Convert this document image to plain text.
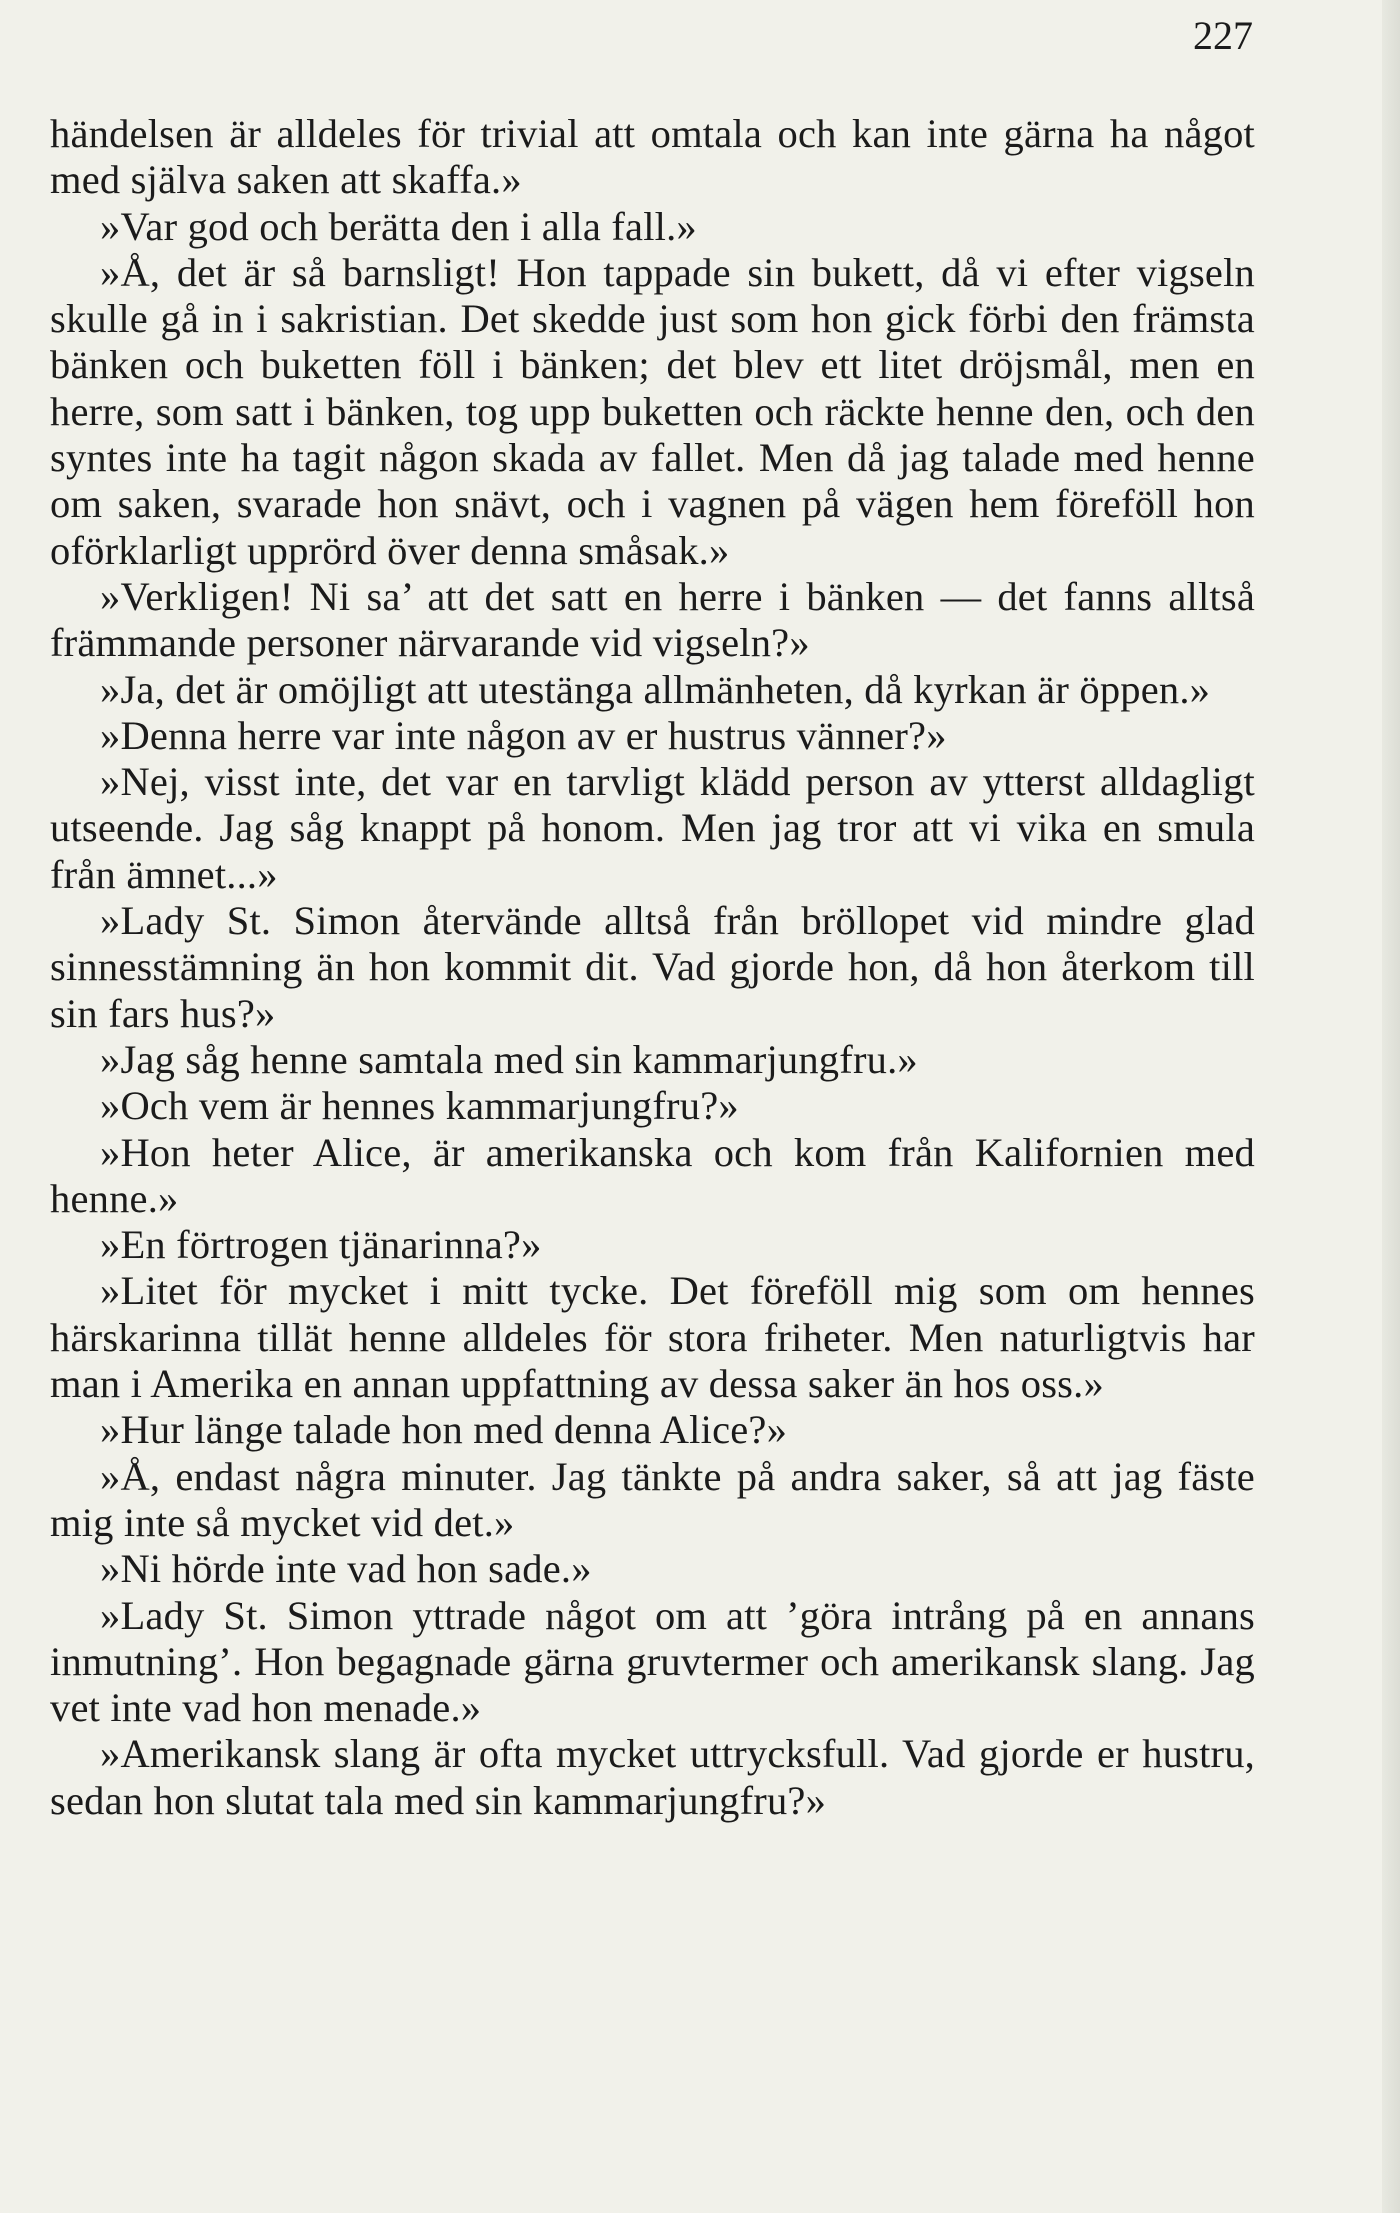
227

händelsen är alldeles för trivial att omtala och kan inte gärna ha något med själva saken att skaffa.»

»Var god och berätta den i alla fall.»

»Å, det är så barnsligt! Hon tappade sin bukett, då vi efter vigseln skulle gå in i sakristian. Det skedde just som hon gick förbi den främsta bänken och buketten föll i bänken; det blev ett litet dröjsmål, men en herre, som satt i bänken, tog upp buketten och räckte henne den, och den syntes inte ha tagit någon skada av fallet. Men då jag talade med henne om saken, svarade hon snävt, och i vagnen på vägen hem föreföll hon oförklarligt upprörd över denna småsak.»

»Verkligen! Ni sa’ att det satt en herre i bänken — det fanns alltså främmande personer närvarande vid vigseln?»

»Ja, det är omöjligt att utestänga allmänheten, då kyrkan är öppen.»

»Denna herre var inte någon av er hustrus vänner?»

»Nej, visst inte, det var en tarvligt klädd person av ytterst alldagligt utseende. Jag såg knappt på honom. Men jag tror att vi vika en smula från ämnet...»

»Lady St. Simon återvände alltså från bröllopet vid mindre glad sinnesstämning än hon kommit dit. Vad gjorde hon, då hon återkom till sin fars hus?»

»Jag såg henne samtala med sin kammarjungfru.»

»Och vem är hennes kammarjungfru?»

»Hon heter Alice, är amerikanska och kom från Kalifornien med henne.»

»En förtrogen tjänarinna?»

»Litet för mycket i mitt tycke. Det föreföll mig som om hennes härskarinna tillät henne alldeles för stora friheter. Men naturligtvis har man i Amerika en annan uppfattning av dessa saker än hos oss.»

»Hur länge talade hon med denna Alice?»

»Å, endast några minuter. Jag tänkte på andra saker, så att jag fäste mig inte så mycket vid det.»

»Ni hörde inte vad hon sade.»

»Lady St. Simon yttrade något om att ’göra intrång på en annans inmutning’. Hon begagnade gärna gruvtermer och amerikansk slang. Jag vet inte vad hon menade.»

»Amerikansk slang är ofta mycket uttrycksfull. Vad gjorde er hustru, sedan hon slutat tala med sin kammarjungfru?»
